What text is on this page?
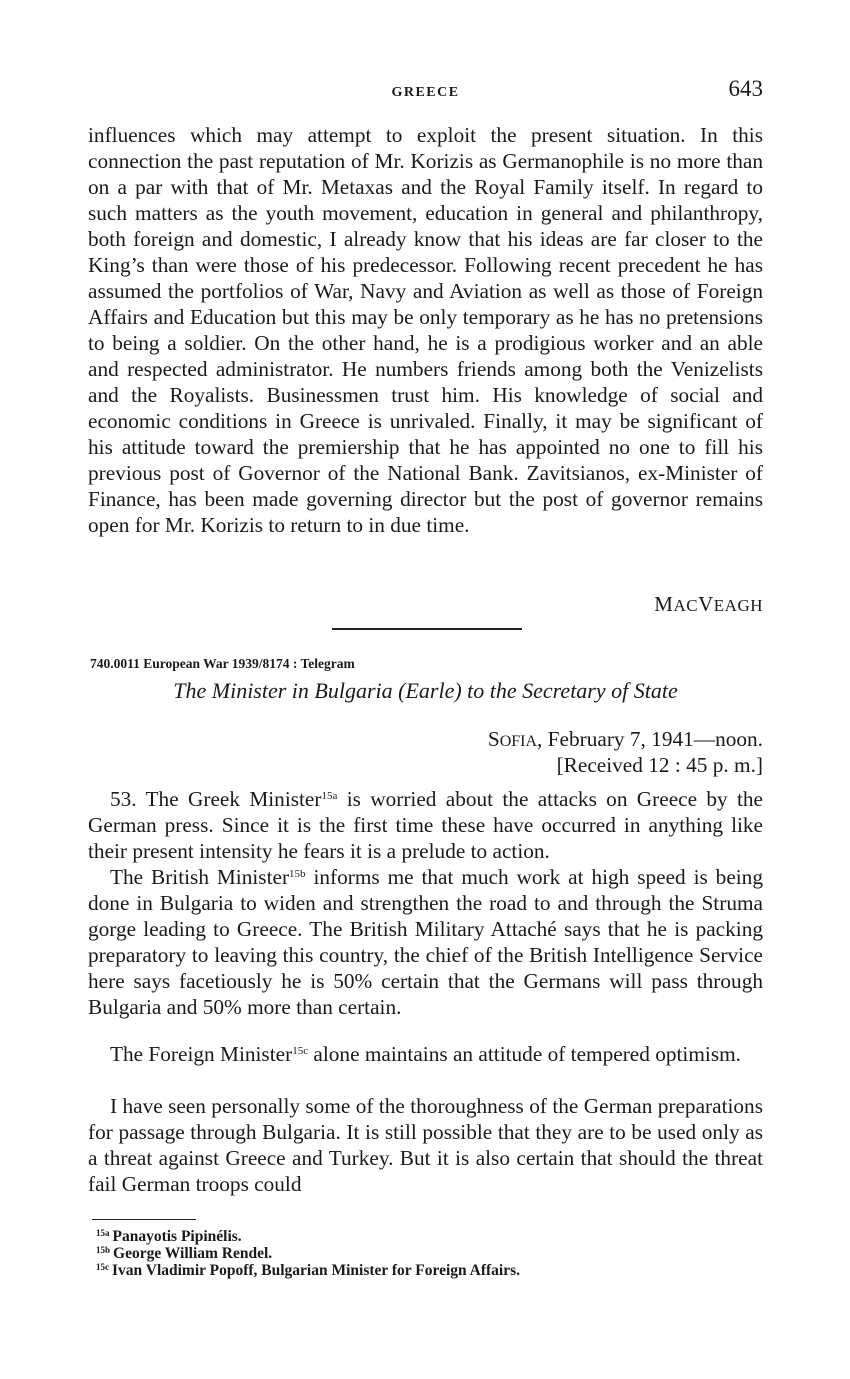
GREECE	643

influences which may attempt to exploit the present situation. In this connection the past reputation of Mr. Korizis as Germanophile is no more than on a par with that of Mr. Metaxas and the Royal Family itself. In regard to such matters as the youth movement, education in general and philanthropy, both foreign and domestic, I already know that his ideas are far closer to the King’s than were those of his predecessor. Following recent precedent he has assumed the portfolios of War, Navy and Aviation as well as those of Foreign Affairs and Education but this may be only temporary as he has no pretensions to being a soldier. On the other hand, he is a prodigious worker and an able and respected administrator. He numbers friends among both the Venizelists and the Royalists. Businessmen trust him. His knowledge of social and economic conditions in Greece is unrivaled. Finally, it may be significant of his attitude toward the premiership that he has appointed no one to fill his previous post of Governor of the National Bank. Zavitsianos, ex-Minister of Finance, has been made governing director but the post of governor remains open for Mr. Korizis to return to in due time.

MACVEAGH
740.0011 European War 1939/8174 : Telegram
The Minister in Bulgaria (Earle) to the Secretary of State
SOFIA, February 7, 1941—noon.
[Received 12 : 45 p. m.]

53. The Greek Minister$^{15a}$ is worried about the attacks on Greece by the German press. Since it is the first time these have occurred in anything like their present intensity he fears it is a prelude to action.

The British Minister$^{15b}$ informs me that much work at high speed is being done in Bulgaria to widen and strengthen the road to and through the Struma gorge leading to Greece. The British Military Attaché says that he is packing preparatory to leaving this country, the chief of the British Intelligence Service here says facetiously he is 50% certain that the Germans will pass through Bulgaria and 50% more than certain.

The Foreign Minister$^{15c}$ alone maintains an attitude of tempered optimism.

I have seen personally some of the thoroughness of the German preparations for passage through Bulgaria. It is still possible that they are to be used only as a threat against Greece and Turkey. But it is also certain that should the threat fail German troops could

$^{15a}$ Panayotis Pipinélis.
$^{15b}$ George William Rendel.
$^{15c}$ Ivan Vladimir Popoff, Bulgarian Minister for Foreign Affairs.
